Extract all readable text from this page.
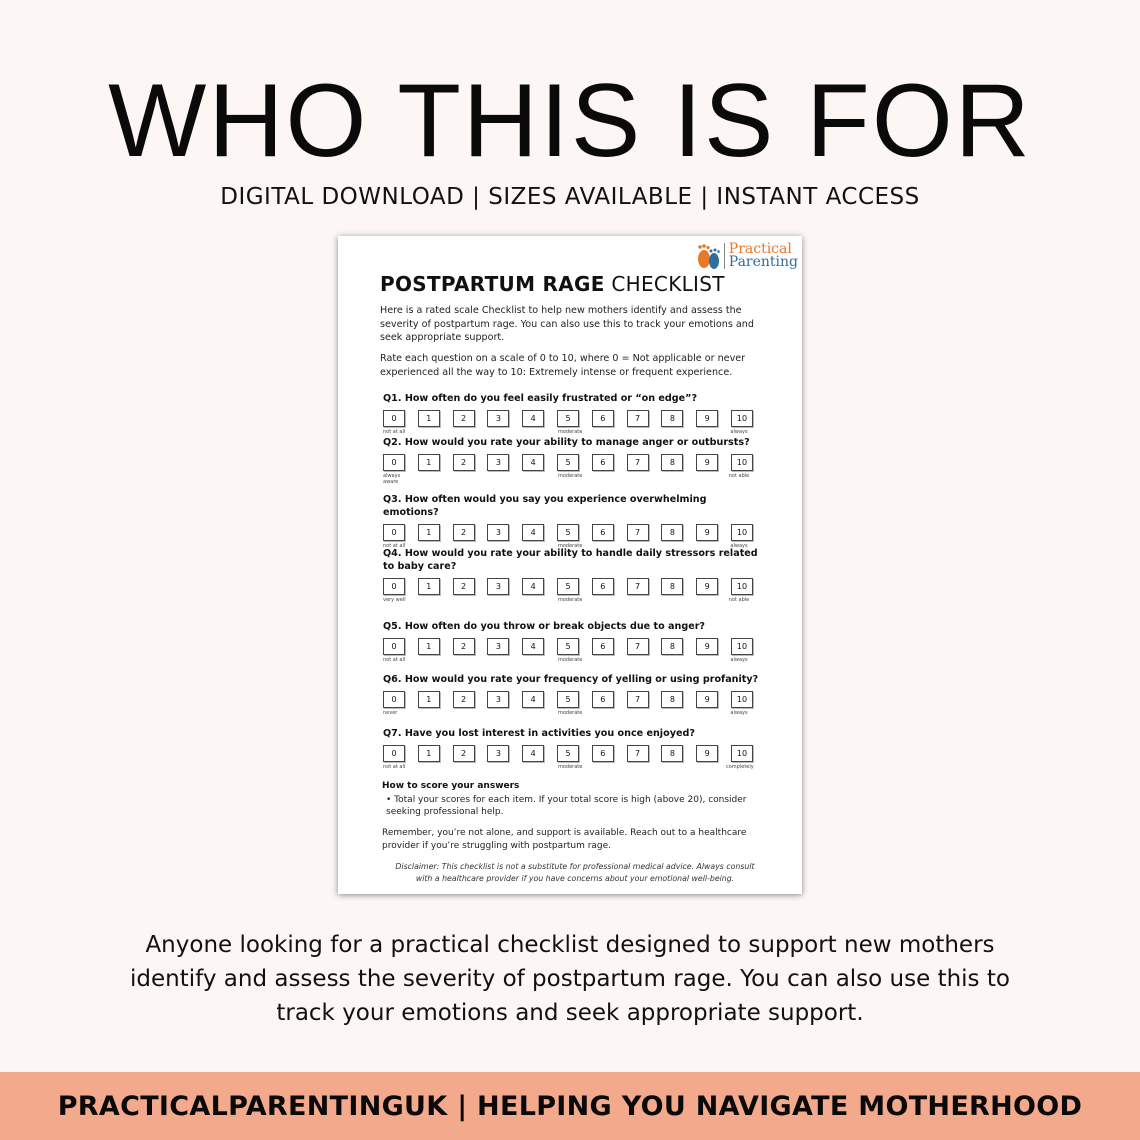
WHO THIS IS FOR
DIGITAL DOWNLOAD | SIZES AVAILABLE | INSTANT ACCESS
Practical
Parenting
POSTPARTUM RAGE CHECKLIST
Here is a rated scale Checklist to help new mothers identify and assess the severity of postpartum rage. You can also use this to track your emotions and seek appropriate support.
Rate each question on a scale of 0 to 10, where 0 = Not applicable or never experienced all the way to 10: Extremely intense or frequent experience.
Q1. How often do you feel easily frustrated or “on edge”?
0	1	2	3	4	5	6	7	8	9	10
not at all	moderate	always
Q2. How would you rate your ability to manage anger or outbursts?
0	1	2	3	4	5	6	7	8	9	10
always aware
moderate	not able
Q3. How often would you say you experience overwhelming emotions?
0	1	2	3	4	5	6	7	8	9	10
not at all	moderate	always
Q4. How would you rate your ability to handle daily stressors related to baby care?
0	1	2	3	4	5	6	7	8	9	10
very well	moderate	not able
Q5. How often do you throw or break objects due to anger?
0	1	2	3	4	5	6	7	8	9	10
not at all	moderate	always
Q6. How would you rate your frequency of yelling or using profanity?
0	1	2	3	4	5	6	7	8	9	10
never	moderate	always
Q7. Have you lost interest in activities you once enjoyed?
0	1	2	3	4	5	6	7	8	9	10
not at all	moderate	completely
How to score your answers
• Total your scores for each item. If your total score is high (above 20), consider seeking professional help.
Remember, you’re not alone, and support is available. Reach out to a healthcare provider if you’re struggling with postpartum rage.
Disclaimer: This checklist is not a substitute for professional medical advice. Always consult with a healthcare provider if you have concerns about your emotional well-being.
Anyone looking for a practical checklist designed to support new mothers identify and assess the severity of postpartum rage. You can also use this to track your emotions and seek appropriate support.
PRACTICALPARENTINGUK | HELPING YOU NAVIGATE MOTHERHOOD
